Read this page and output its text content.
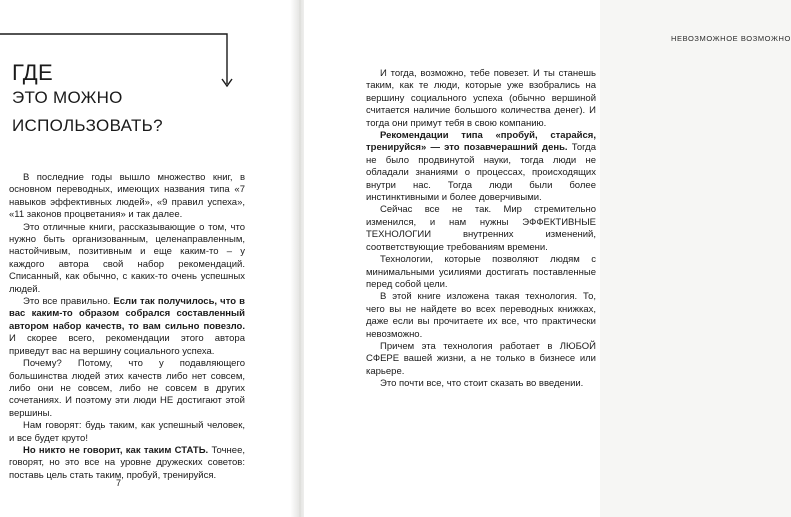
ГДЕ
ЭТО МОЖНО
ИСПОЛЬЗОВАТЬ?

В последние годы вышло множество книг, в основном переводных, имеющих названия типа «7 навыков эффективных людей», «9 правил успеха», «11 законов процветания» и так далее.

Это отличные книги, рассказывающие о том, что нужно быть организованным, целенаправленным, настойчивым, позитивным и еще каким-то – у каждого автора свой набор рекомендаций. Списанный, как обычно, с каких-то очень успешных людей.

Это все правильно. Если так получилось, что в вас каким-то образом собрался составленный автором набор качеств, то вам сильно повезло. И скорее всего, рекомендации этого автора приведут вас на вершину социального успеха.

Почему? Потому, что у подавляющего большинства людей этих качеств либо нет совсем, либо они не совсем, либо не совсем в других сочетаниях. И поэтому эти люди НЕ достигают этой вершины.

Нам говорят: будь таким, как успешный человек, и все будет круто!

Но никто не говорит, как таким СТАТЬ. Точнее, говорят, но это все на уровне дружеских советов: поставь цель стать таким, пробуй, тренируйся.

7
НЕВОЗМОЖНОЕ ВОЗМОЖНО

И тогда, возможно, тебе повезет. И ты станешь таким, как те люди, которые уже взобрались на вершину социального успеха (обычно вершиной считается наличие большого количества денег). И тогда они примут тебя в свою компанию.

Рекомендации типа «пробуй, старайся, тренируйся» — это позавчерашний день. Тогда не было продвинутой науки, тогда люди не обладали знаниями о процессах, происходящих внутри нас. Тогда люди были более инстинктивными и более доверчивыми.

Сейчас все не так. Мир стремительно изменился, и нам нужны ЭФФЕКТИВНЫЕ ТЕХНОЛОГИИ внутренних изменений, соответствующие требованиям времени.

Технологии, которые позволяют людям с минимальными усилиями достигать поставленные перед собой цели.

В этой книге изложена такая технология. То, чего вы не найдете во всех переводных книжках, даже если вы прочитаете их все, что практически невозможно.

Причем эта технология работает в ЛЮБОЙ СФЕРЕ вашей жизни, а не только в бизнесе или карьере.

Это почти все, что стоит сказать во введении.
